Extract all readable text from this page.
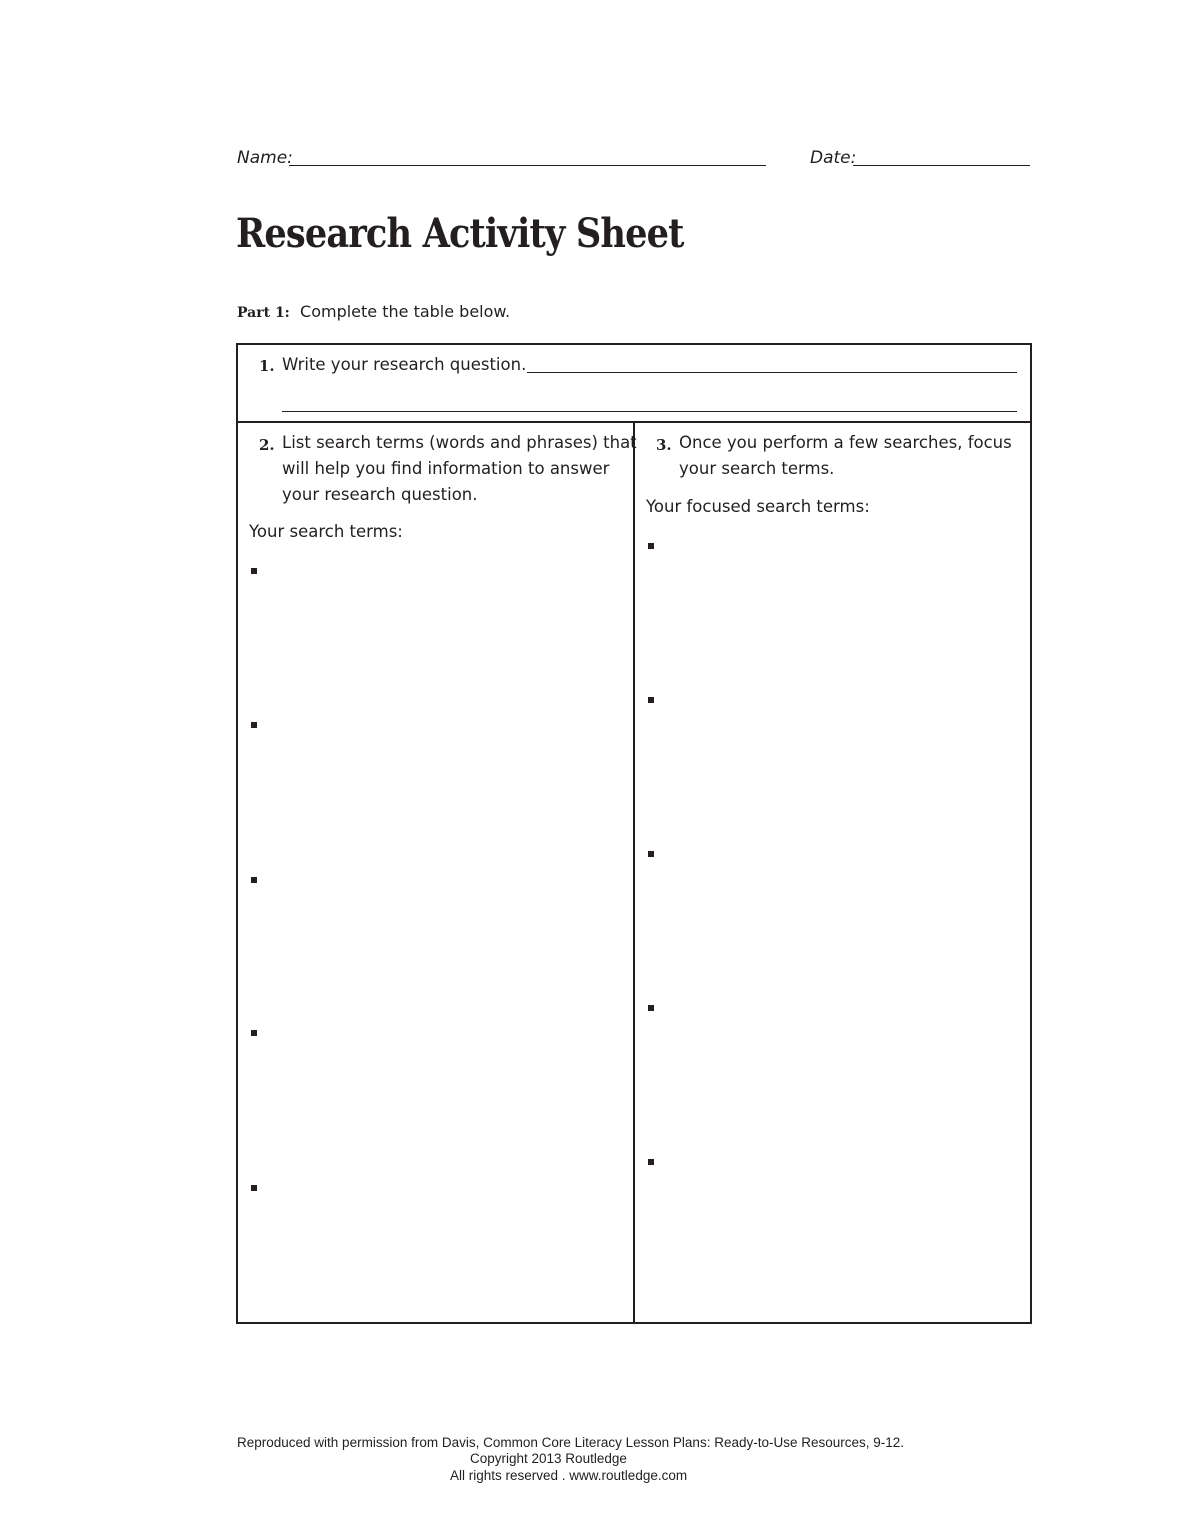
Name:	Date:
Research Activity Sheet
Part 1: Complete the table below.
1. Write your research question.
2. List search terms (words and phrases) that
will help you find information to answer
your research question.
Your search terms:
3. Once you perform a few searches, focus
your search terms.
Your focused search terms:
Reproduced with permission from Davis, Common Core Literacy Lesson Plans: Ready-to-Use Resources, 9-12.
Copyright 2013 Routledge
All rights reserved . www.routledge.com
